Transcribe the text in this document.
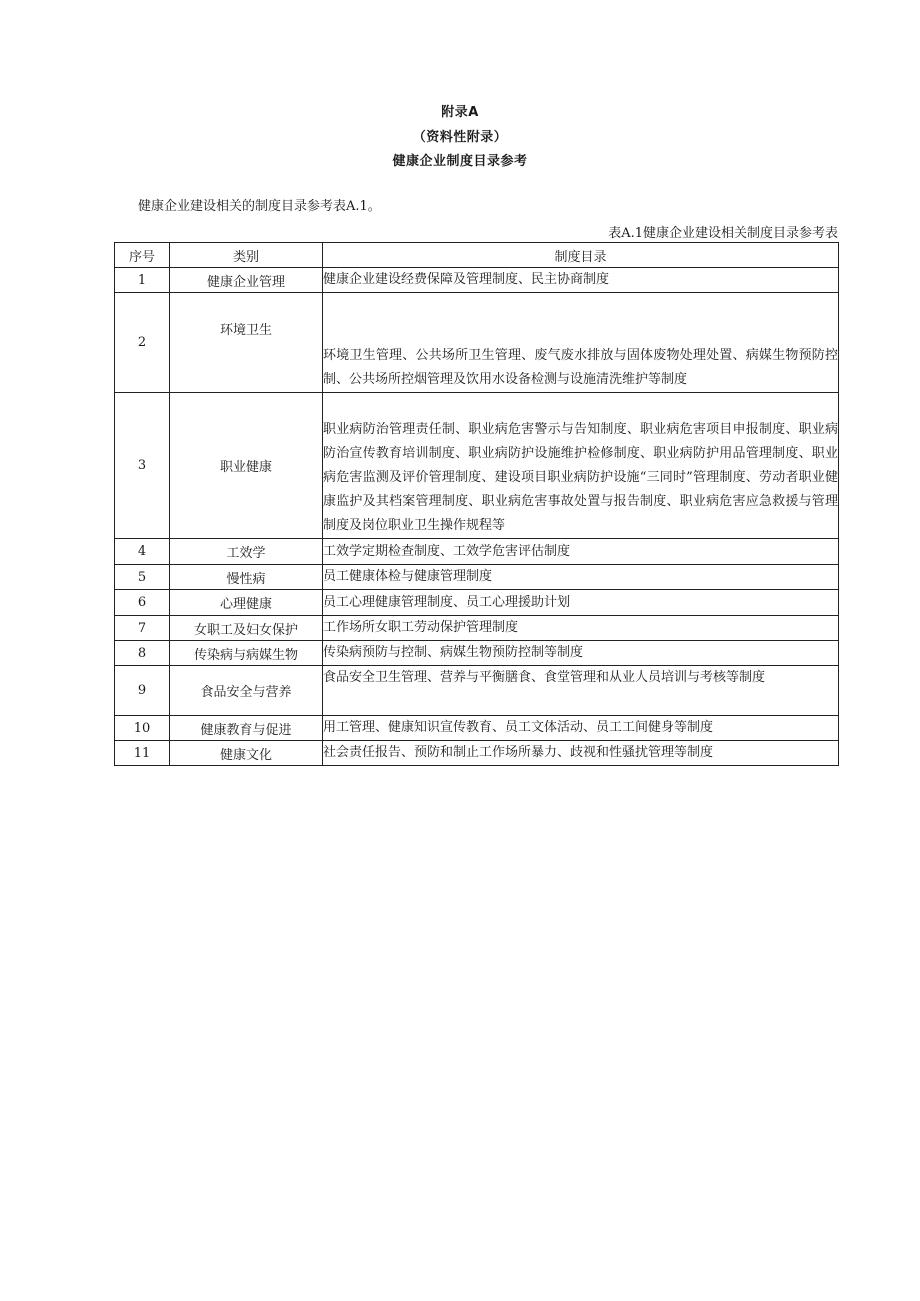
附录A
（资料性附录）
健康企业制度目录参考
健康企业建设相关的制度目录参考表A.1。
表A.1健康企业建设相关制度目录参考表
序号	类别	制度目录
1	健康企业管理	健康企业建设经费保障及管理制度、民主协商制度
2	环境卫生	环境卫生管理、公共场所卫生管理、废气废水排放与固体废物处理处置、病媒生物预防控制、公共场所控烟管理及饮用水设备检测与设施清洗维护等制度
3	职业健康	职业病防治管理责任制、职业病危害警示与告知制度、职业病危害项目申报制度、职业病防治宣传教育培训制度、职业病防护设施维护检修制度、职业病防护用品管理制度、职业病危害监测及评价管理制度、建设项目职业病防护设施“三同时”管理制度、劳动者职业健康监护及其档案管理制度、职业病危害事故处置与报告制度、职业病危害应急救援与管理制度及岗位职业卫生操作规程等
4	工效学	工效学定期检查制度、工效学危害评估制度
5	慢性病	员工健康体检与健康管理制度
6	心理健康	员工心理健康管理制度、员工心理援助计划
7	女职工及妇女保护	工作场所女职工劳动保护管理制度
8	传染病与病媒生物	传染病预防与控制、病媒生物预防控制等制度
9	食品安全与营养	食品安全卫生管理、营养与平衡膳食、食堂管理和从业人员培训与考核等制度
10	健康教育与促进	用工管理、健康知识宣传教育、员工文体活动、员工工间健身等制度
11	健康文化	社会责任报告、预防和制止工作场所暴力、歧视和性骚扰管理等制度
